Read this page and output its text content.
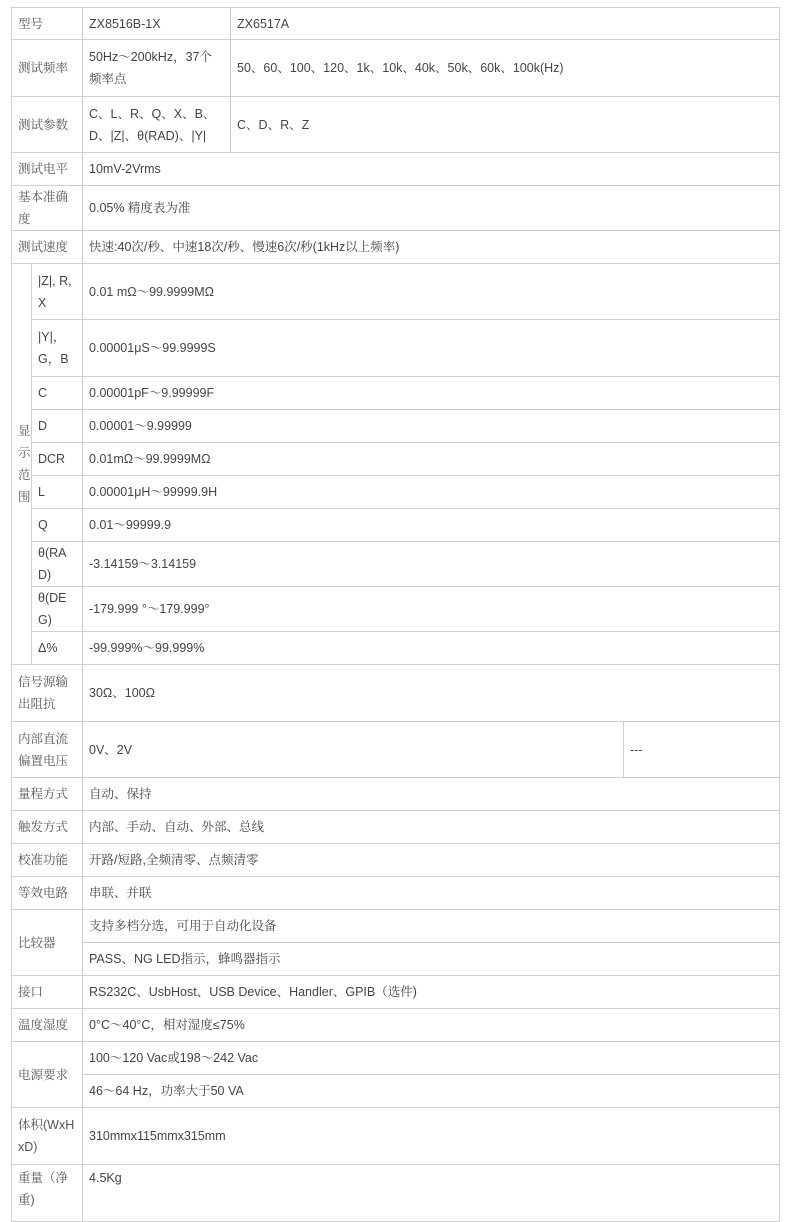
型号		ZX8516B-1X	ZX6517A	
测试频率		50Hz～200kHz，37个频率点	50、60、100、120、1k、10k、40k、50k、60k、100k(Hz)	
测试参数		C、L、R、Q、X、B、D、|Z|、θ(RAD)、|Y|	C、D、R、Z	
测试电平		10mV-2Vrms		
基本准确度		0.05% 精度表为准		
测试速度		快速:40次/秒、中速18次/秒、慢速6次/秒(1kHz以上频率)		

显
示
范
围	|Z|, R, X	0.01 mΩ～99.9999MΩ		
	|Y|，G，B	0.00001μS～99.9999S		
	C	0.00001pF～9.99999F		
	D	0.00001～9.99999		
	DCR	0.01mΩ～99.9999MΩ		
	L	0.00001μH～99999.9H		
	Q	0.01～99999.9		
	θ(RAD)	-3.14159～3.14159		
	θ(DEG)	-179.999 °～179.999°		
	Δ%	-99.999%～99.999%		
信号源输出阻抗		30Ω、100Ω		
内部直流偏置电压		0V、2V		---
量程方式		自动、保持		
触发方式		内部、手动、自动、外部、总线		
校准功能		开路/短路,全频清零、点频清零		
等效电路		串联、并联		
比较器		支持多档分选，可用于自动化设备		
		PASS、NG LED指示，蜂鸣器指示		
接口		RS232C、UsbHost、USB Device、Handler、GPIB（选件)		
温度湿度		0°C～40°C，相对湿度≤75%		
电源要求		100～120 Vac或198～242 Vac		
		46～64 Hz，功率大于50 VA		
体积(WxHxD)		310mmx115mmx315mm		
重量（净重)		4.5Kg		
